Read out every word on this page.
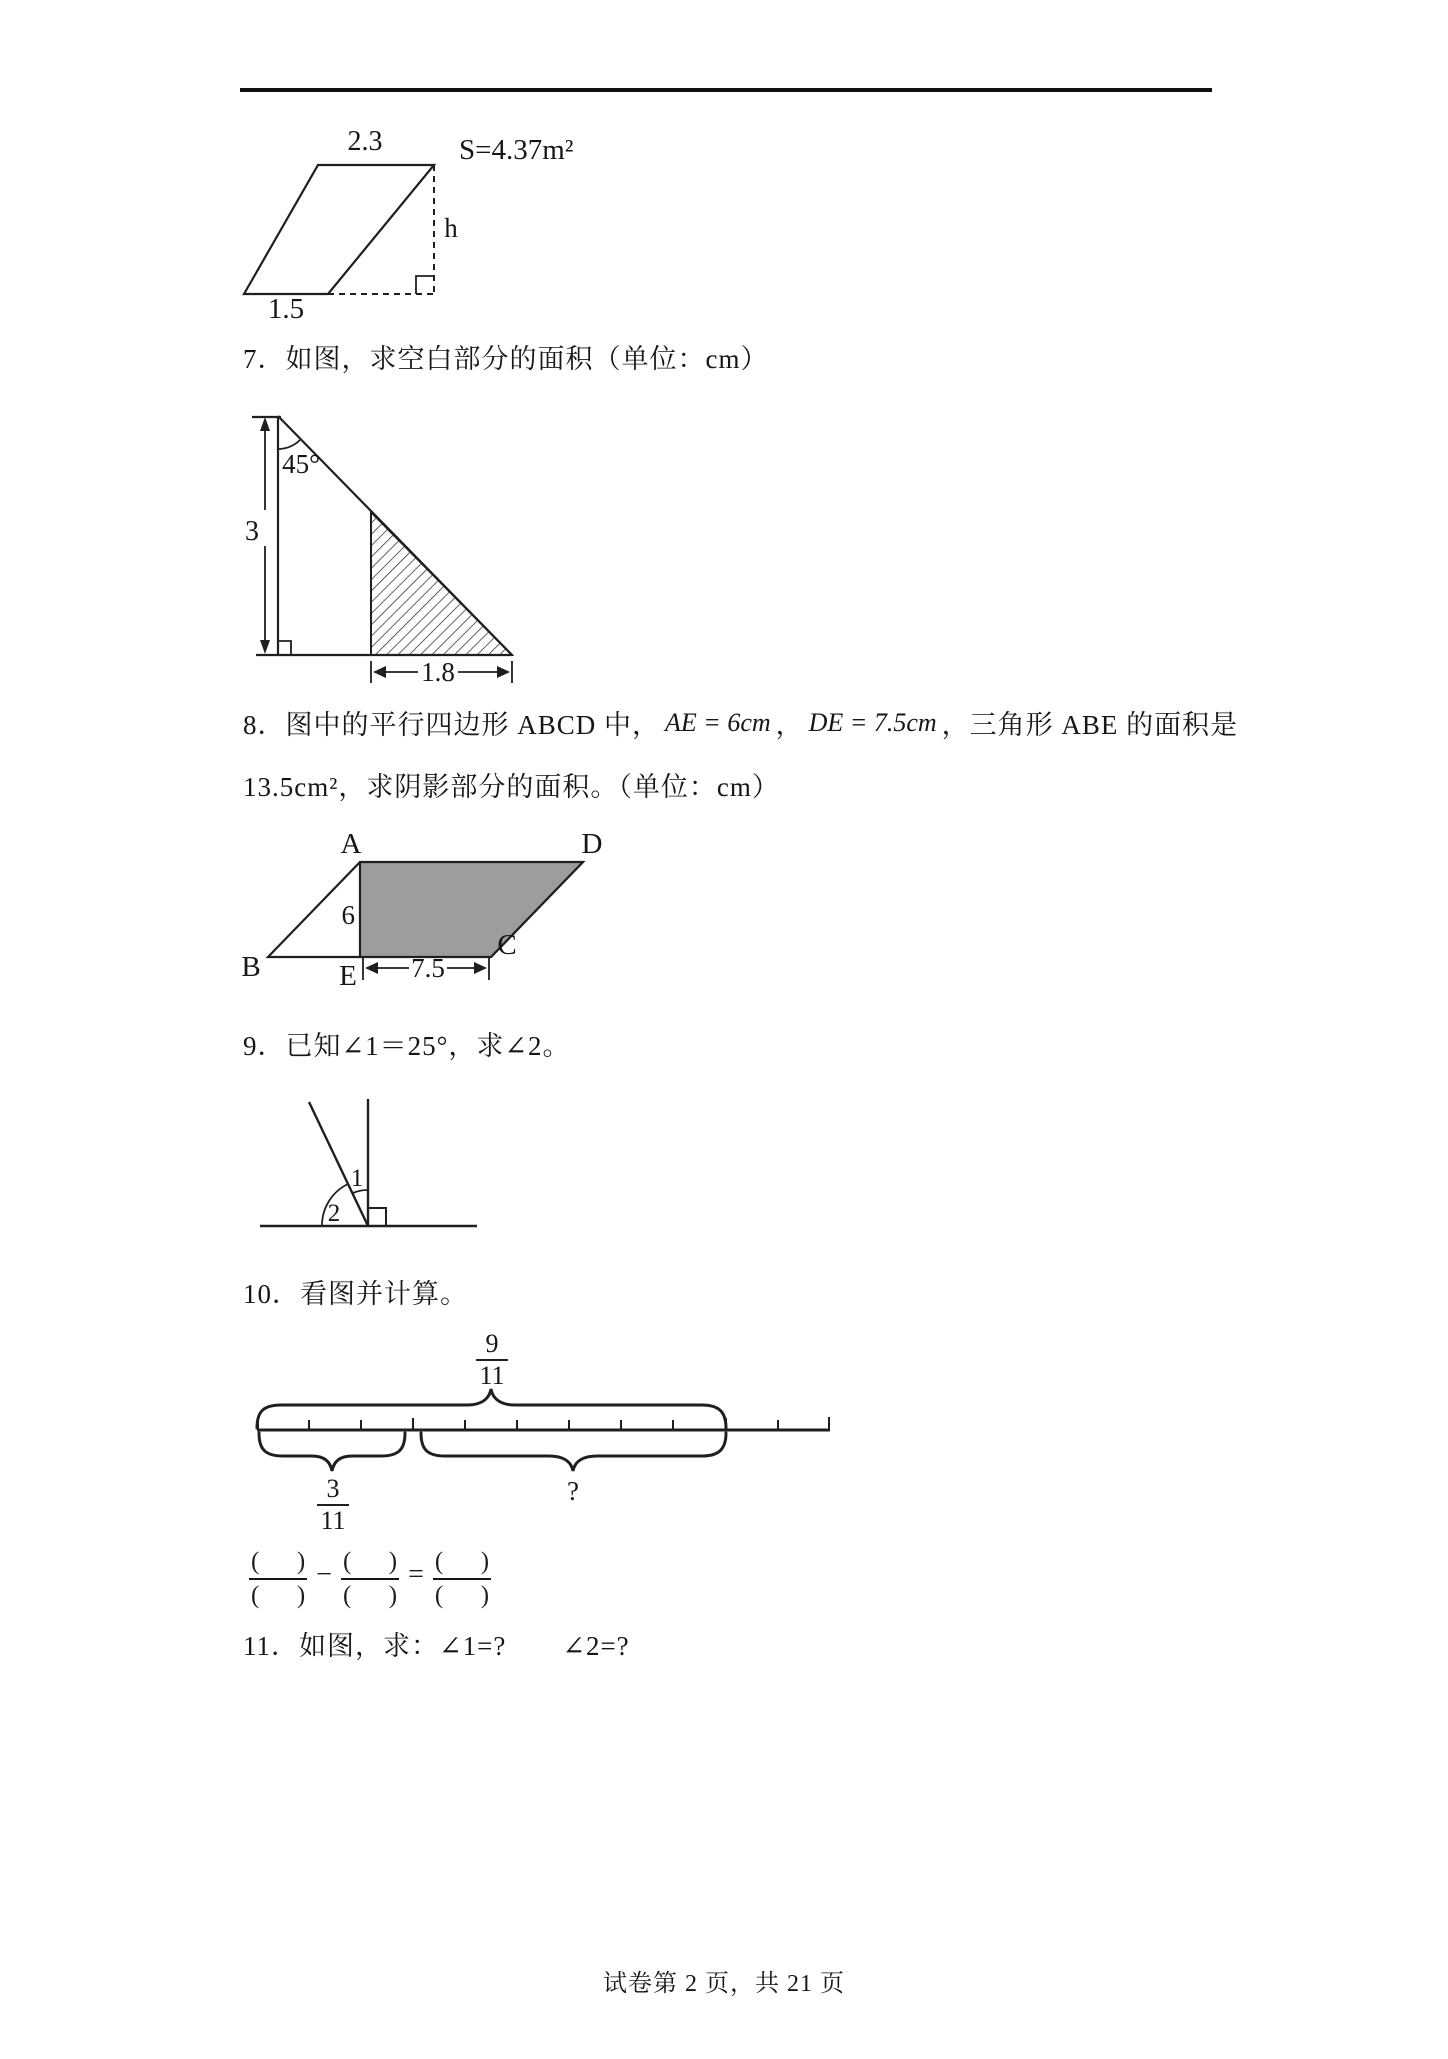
2.3	S=4.37m²
h
1.5
3
45°
1.8
A	D
B
C
E
6
7.5
1
2
9
11
3
11
?
7．如图，求空白部分的面积（单位：cm）
8．图中的平行四边形 ABCD 中， AE = 6cm ， DE = 7.5cm ，三角形 ABE 的面积是
13.5cm²，求阴影部分的面积。（单位：cm）
9．已知∠1＝25°，求∠2。
10．看图并计算。
$\frac{( )}{( )} - \frac{( )}{( )} = \frac{( )}{( )}$
11．如图，求：∠1=?　　∠2=?
试卷第 2 页，共 21 页
